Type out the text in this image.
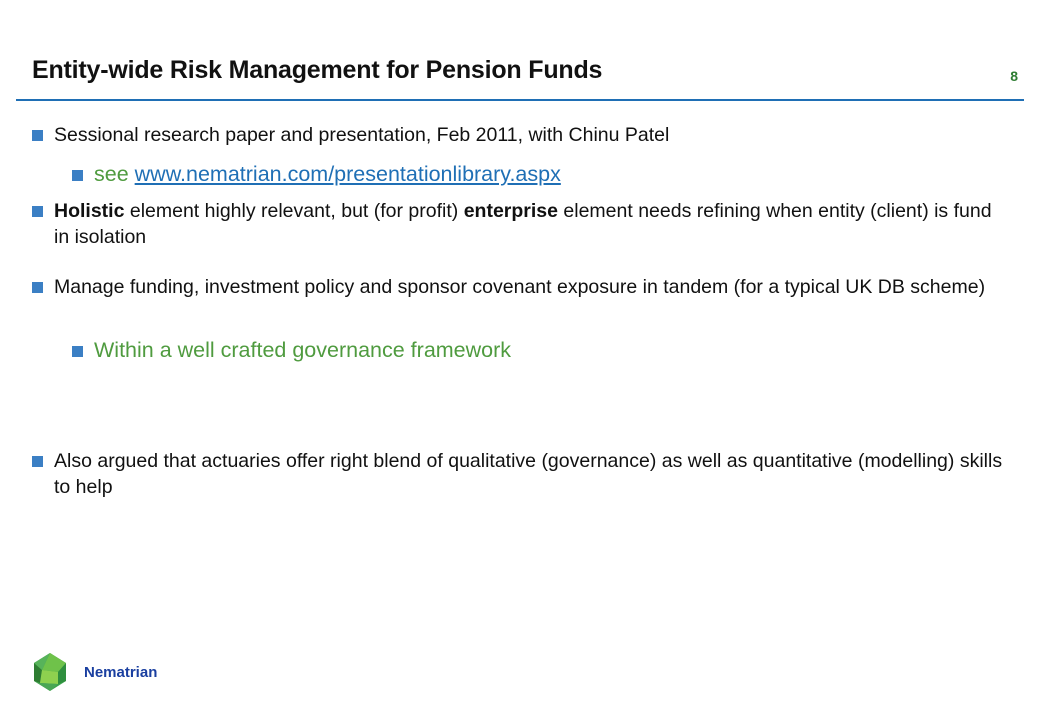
Entity-wide Risk Management for Pension Funds	8
Sessional research paper and presentation, Feb 2011, with Chinu Patel
see www.nematrian.com/presentationlibrary.aspx
Holistic element highly relevant, but (for profit) enterprise element needs refining when entity (client) is fund in isolation
Manage funding, investment policy and sponsor covenant exposure in tandem (for a typical UK DB scheme)
Within a well crafted governance framework
Also argued that actuaries offer right blend of qualitative (governance) as well as quantitative (modelling) skills to help
Nematrian
